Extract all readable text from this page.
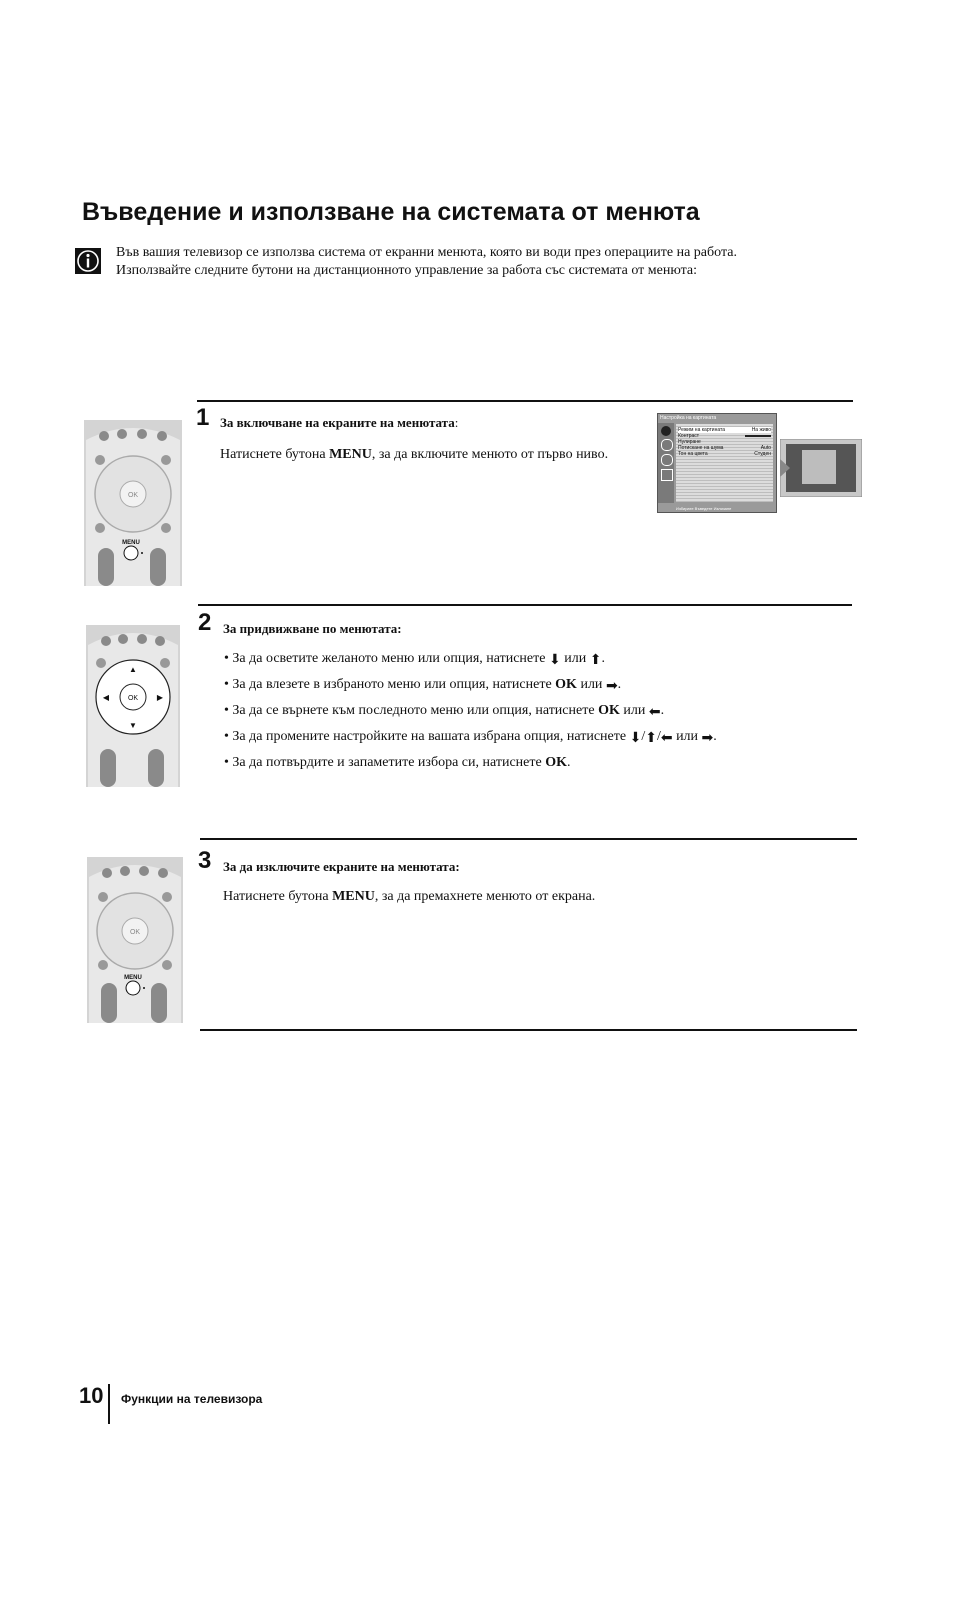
Въведение и използване на системата от менюта
Във вашия телевизор се използва система от екранни менюта, която ви води през операциите на работа.
Използвайте следните бутони на дистанционното управление за работа със системата от менюта:
OK
MENU
1 За включване на екраните на менютата:
Натиснете бутона MENU, за да включите менюто от първо ниво.
Настройка на картината
Режим на картината	На живо
Контраст
Нулиране
Потискане на шума	Auto
Тон на цвета	Студен
Избирате Въведете Излизане
OK
▲
▼
◀	▶
2 За придвижване по менютата:
• За да осветите желаното меню или опция, натиснете ⬇ или ⬆.
• За да влезете в избраното меню или опция, натиснете OK или ➡.
• За да се върнете към последното меню или опция, натиснете OK или ⬅.
• За да промените настройките на вашата избрана опция, натиснете ⬇/⬆/⬅ или ➡.
• За да потвърдите и запаметите избора си, натиснете OK.
OK
MENU
3 За да изключите екраните на менютата:
Натиснете бутона MENU, за да премахнете менюто от екрана.
10 Функции на телевизора
